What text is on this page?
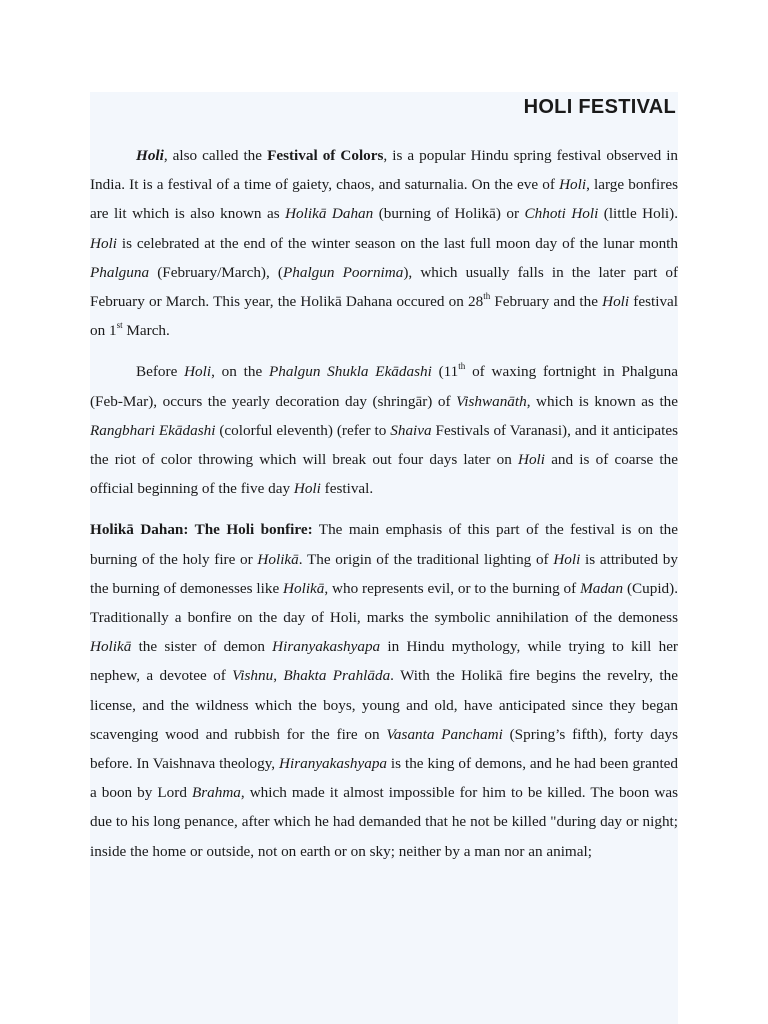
HOLI FESTIVAL

Holi, also called the Festival of Colors, is a popular Hindu spring festival observed in India. It is a festival of a time of gaiety, chaos, and saturnalia. On the eve of Holi, large bonfires are lit which is also known as Holikā Dahan (burning of Holikā) or Chhoti Holi (little Holi). Holi is celebrated at the end of the winter season on the last full moon day of the lunar month Phalguna (February/March), (Phalgun Poornima), which usually falls in the later part of February or March. This year, the Holikā Dahana occured on 28th February and the Holi festival on 1st March.

Before Holi, on the Phalgun Shukla Ekādashi (11th of waxing fortnight in Phalguna (Feb-Mar), occurs the yearly decoration day (shringār) of Vishwanāth, which is known as the Rangbhari Ekādashi (colorful eleventh) (refer to Shaiva Festivals of Varanasi), and it anticipates the riot of color throwing which will break out four days later on Holi and is of coarse the official beginning of the five day Holi festival.

Holikā Dahan: The Holi bonfire: The main emphasis of this part of the festival is on the burning of the holy fire or Holikā. The origin of the traditional lighting of Holi is attributed by the burning of demonesses like Holikā, who represents evil, or to the burning of Madan (Cupid). Traditionally a bonfire on the day of Holi, marks the symbolic annihilation of the demoness Holikā the sister of demon Hiranyakashyapa in Hindu mythology, while trying to kill her nephew, a devotee of Vishnu, Bhakta Prahlāda. With the Holikā fire begins the revelry, the license, and the wildness which the boys, young and old, have anticipated since they began scavenging wood and rubbish for the fire on Vasanta Panchami (Spring’s fifth), forty days before. In Vaishnava theology, Hiranyakashyapa is the king of demons, and he had been granted a boon by Lord Brahma, which made it almost impossible for him to be killed. The boon was due to his long penance, after which he had demanded that he not be killed "during day or night; inside the home or outside, not on earth or on sky; neither by a man nor an animal;
